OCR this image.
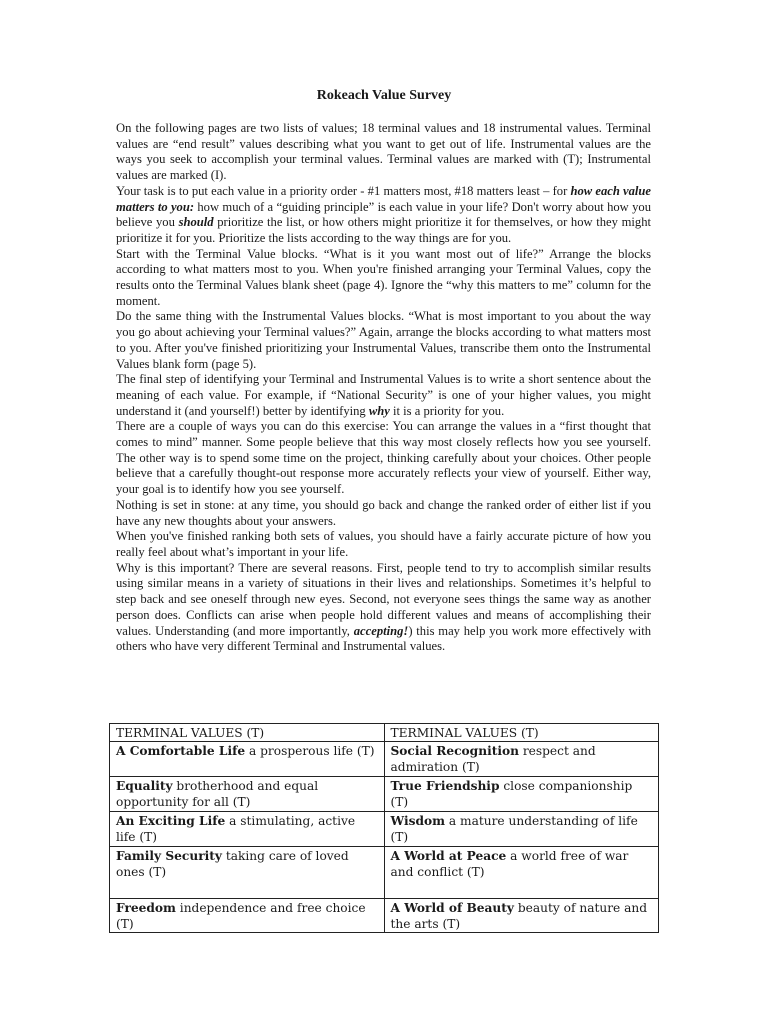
Rokeach Value Survey

On the following pages are two lists of values; 18 terminal values and 18 instrumental values. Terminal values are “end result” values describing what you want to get out of life. Instrumental values are the ways you seek to accomplish your terminal values. Terminal values are marked with (T); Instrumental values are marked (I).

Your task is to put each value in a priority order - #1 matters most, #18 matters least – for how each value matters to you: how much of a “guiding principle” is each value in your life? Don't worry about how you believe you should prioritize the list, or how others might prioritize it for themselves, or how they might prioritize it for you. Prioritize the lists according to the way things are for you.

Start with the Terminal Value blocks. “What is it you want most out of life?” Arrange the blocks according to what matters most to you. When you're finished arranging your Terminal Values, copy the results onto the Terminal Values blank sheet (page 4). Ignore the “why this matters to me” column for the moment.

Do the same thing with the Instrumental Values blocks. “What is most important to you about the way you go about achieving your Terminal values?” Again, arrange the blocks according to what matters most to you. After you've finished prioritizing your Instrumental Values, transcribe them onto the Instrumental Values blank form (page 5).

The final step of identifying your Terminal and Instrumental Values is to write a short sentence about the meaning of each value. For example, if “National Security” is one of your higher values, you might understand it (and yourself!) better by identifying why it is a priority for you.

There are a couple of ways you can do this exercise: You can arrange the values in a “first thought that comes to mind” manner. Some people believe that this way most closely reflects how you see yourself. The other way is to spend some time on the project, thinking carefully about your choices. Other people believe that a carefully thought-out response more accurately reflects your view of yourself. Either way, your goal is to identify how you see yourself.

Nothing is set in stone: at any time, you should go back and change the ranked order of either list if you have any new thoughts about your answers.

When you've finished ranking both sets of values, you should have a fairly accurate picture of how you really feel about what’s important in your life.

Why is this important? There are several reasons. First, people tend to try to accomplish similar results using similar means in a variety of situations in their lives and relationships. Sometimes it’s helpful to step back and see oneself through new eyes. Second, not everyone sees things the same way as another person does. Conflicts can arise when people hold different values and means of accomplishing their values. Understanding (and more importantly, accepting!) this may help you work more effectively with others who have very different Terminal and Instrumental values.

TERMINAL VALUES (T)	TERMINAL VALUES (T)
A Comfortable Life a prosperous life (T)	Social Recognition respect and admiration (T)
Equality brotherhood and equal opportunity for all (T)	True Friendship close companionship (T)
An Exciting Life a stimulating, active life (T)	Wisdom a mature understanding of life (T)
Family Security taking care of loved ones (T)	A World at Peace a world free of war and conflict (T)
Freedom independence and free choice (T)	A World of Beauty beauty of nature and the arts (T)
